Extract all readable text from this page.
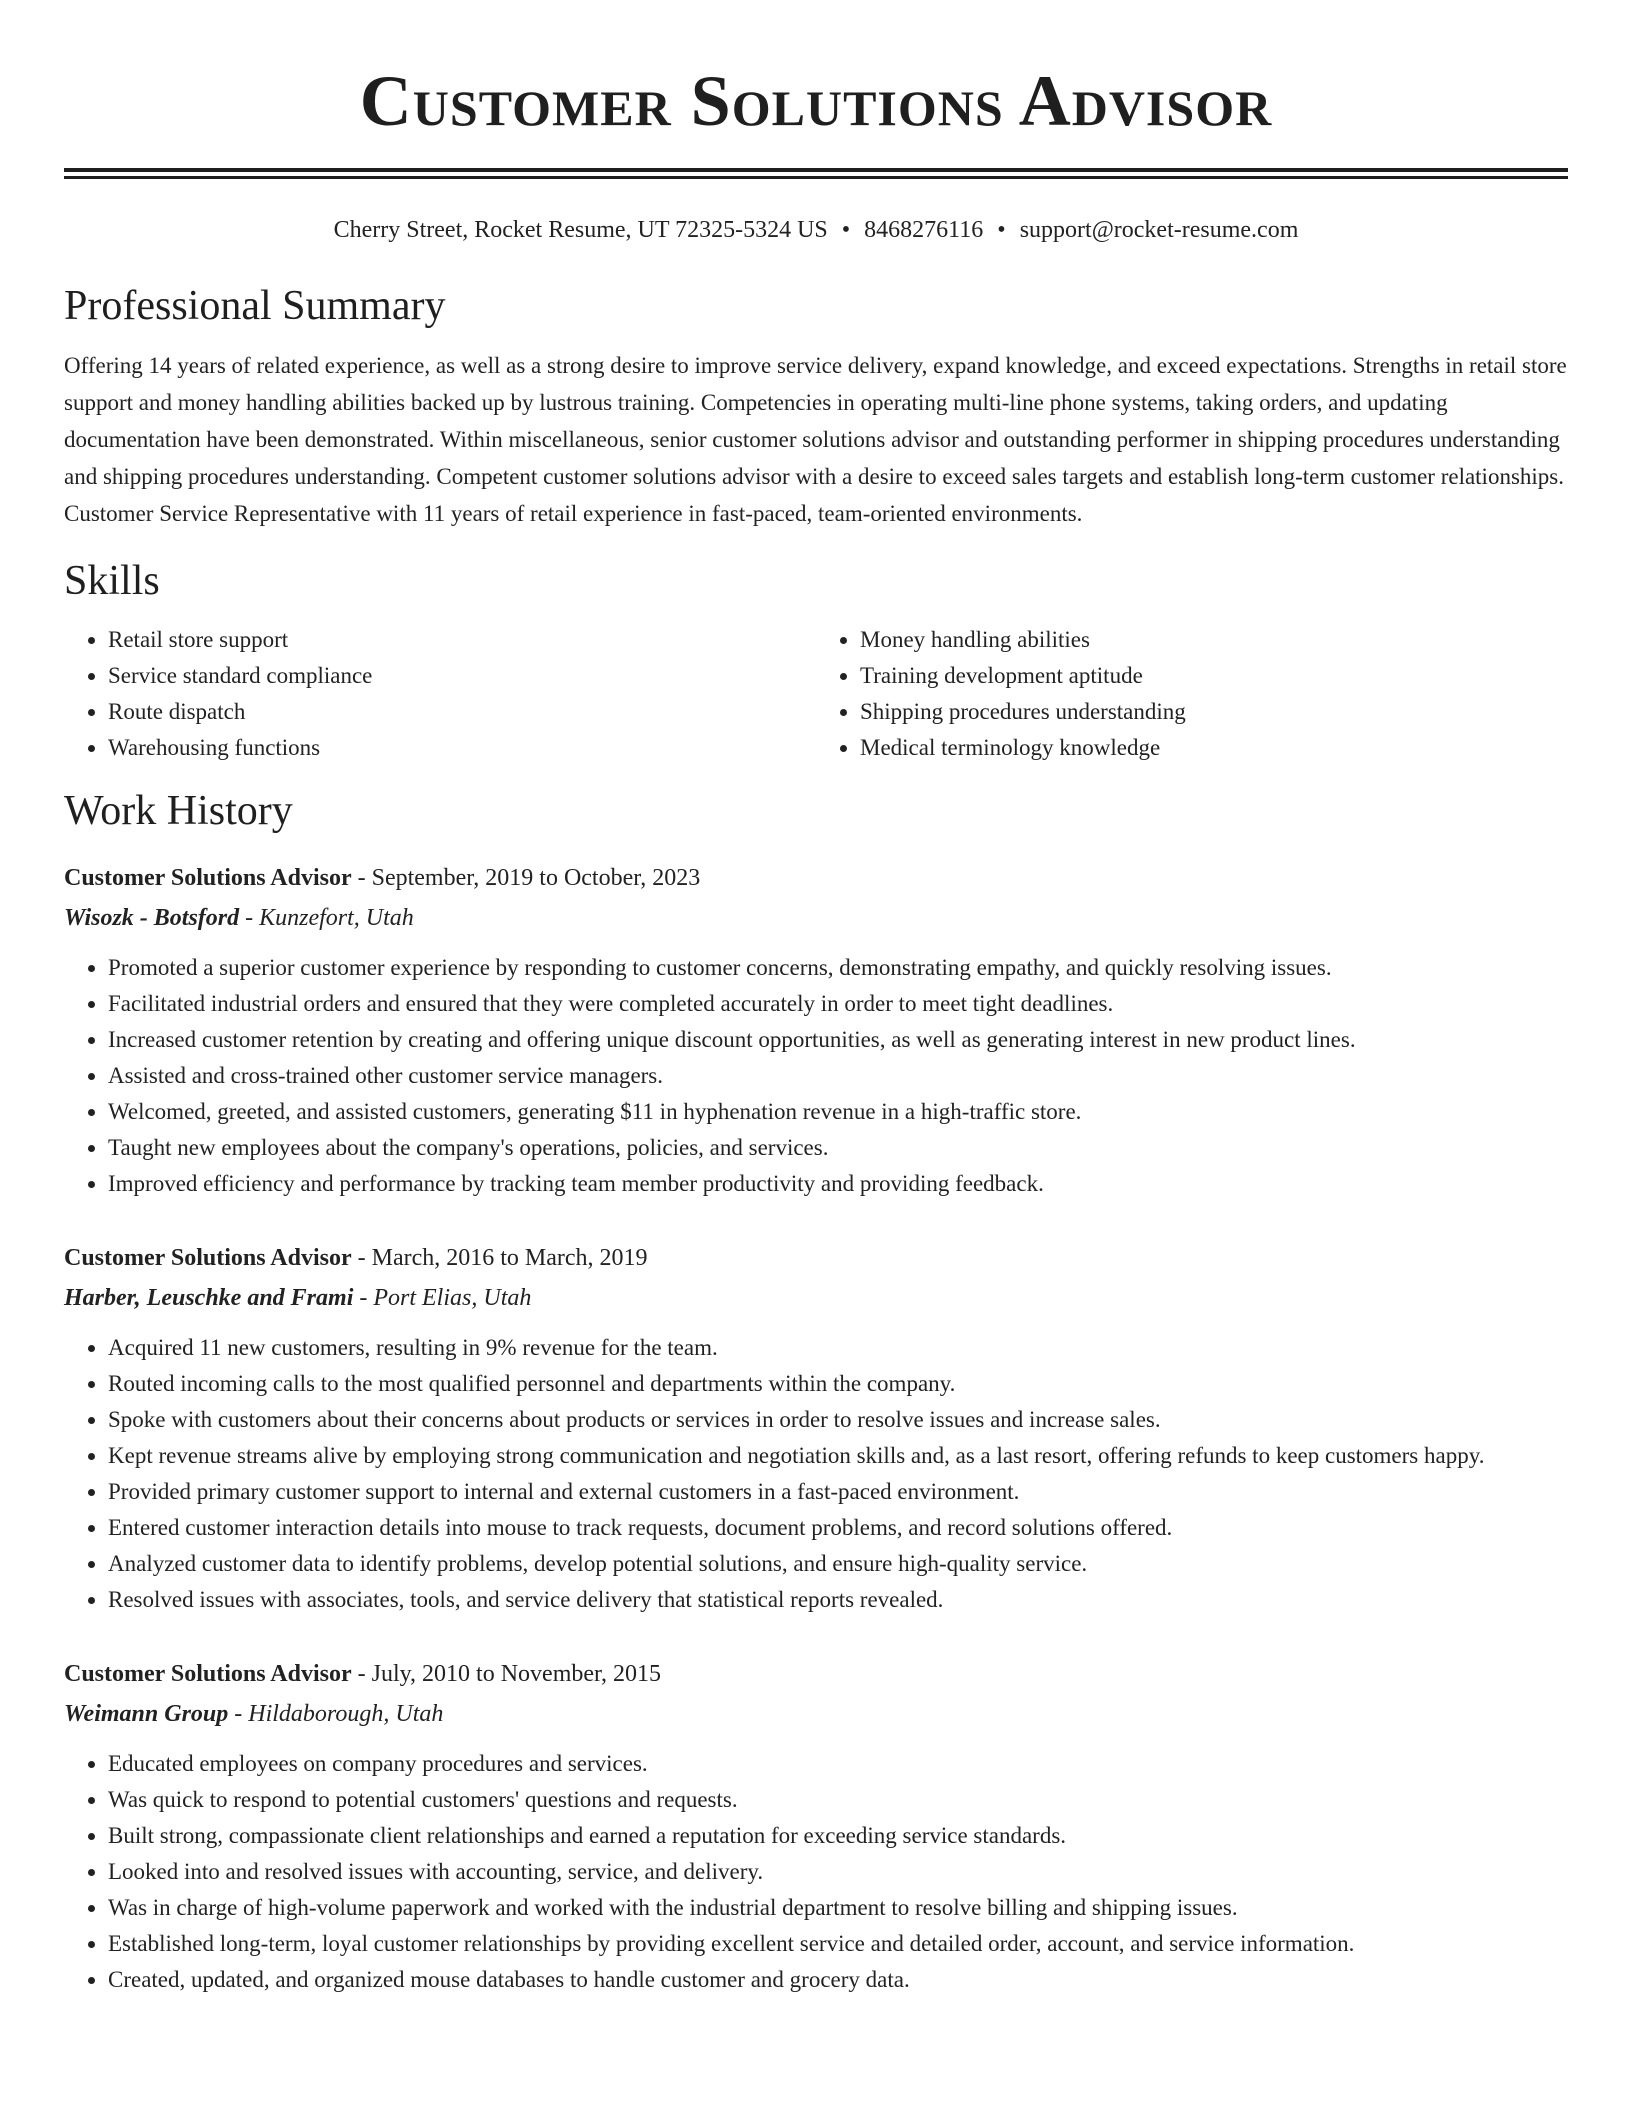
Customer Solutions Advisor
Cherry Street, Rocket Resume, UT 72325-5324 US • 8468276116 • support@rocket-resume.com
Professional Summary

Offering 14 years of related experience, as well as a strong desire to improve service delivery, expand knowledge, and exceed expectations. Strengths in retail store support and money handling abilities backed up by lustrous training. Competencies in operating multi-line phone systems, taking orders, and updating documentation have been demonstrated. Within miscellaneous, senior customer solutions advisor and outstanding performer in shipping procedures understanding and shipping procedures understanding. Competent customer solutions advisor with a desire to exceed sales targets and establish long-term customer relationships. Customer Service Representative with 11 years of retail experience in fast-paced, team-oriented environments.

Skills
• Retail store support
• Service standard compliance
• Route dispatch
• Warehousing functions
• Money handling abilities
• Training development aptitude
• Shipping procedures understanding
• Medical terminology knowledge
Work History
Customer Solutions Advisor - September, 2019 to October, 2023
Wisozk - Botsford - Kunzefort, Utah
• Promoted a superior customer experience by responding to customer concerns, demonstrating empathy, and quickly resolving issues.
• Facilitated industrial orders and ensured that they were completed accurately in order to meet tight deadlines.
• Increased customer retention by creating and offering unique discount opportunities, as well as generating interest in new product lines.
• Assisted and cross-trained other customer service managers.
• Welcomed, greeted, and assisted customers, generating $11 in hyphenation revenue in a high-traffic store.
• Taught new employees about the company's operations, policies, and services.
• Improved efficiency and performance by tracking team member productivity and providing feedback.
Customer Solutions Advisor - March, 2016 to March, 2019
Harber, Leuschke and Frami - Port Elias, Utah
• Acquired 11 new customers, resulting in 9% revenue for the team.
• Routed incoming calls to the most qualified personnel and departments within the company.
• Spoke with customers about their concerns about products or services in order to resolve issues and increase sales.
• Kept revenue streams alive by employing strong communication and negotiation skills and, as a last resort, offering refunds to keep customers happy.
• Provided primary customer support to internal and external customers in a fast-paced environment.
• Entered customer interaction details into mouse to track requests, document problems, and record solutions offered.
• Analyzed customer data to identify problems, develop potential solutions, and ensure high-quality service.
• Resolved issues with associates, tools, and service delivery that statistical reports revealed.
Customer Solutions Advisor - July, 2010 to November, 2015
Weimann Group - Hildaborough, Utah
• Educated employees on company procedures and services.
• Was quick to respond to potential customers' questions and requests.
• Built strong, compassionate client relationships and earned a reputation for exceeding service standards.
• Looked into and resolved issues with accounting, service, and delivery.
• Was in charge of high-volume paperwork and worked with the industrial department to resolve billing and shipping issues.
• Established long-term, loyal customer relationships by providing excellent service and detailed order, account, and service information.
• Created, updated, and organized mouse databases to handle customer and grocery data.
